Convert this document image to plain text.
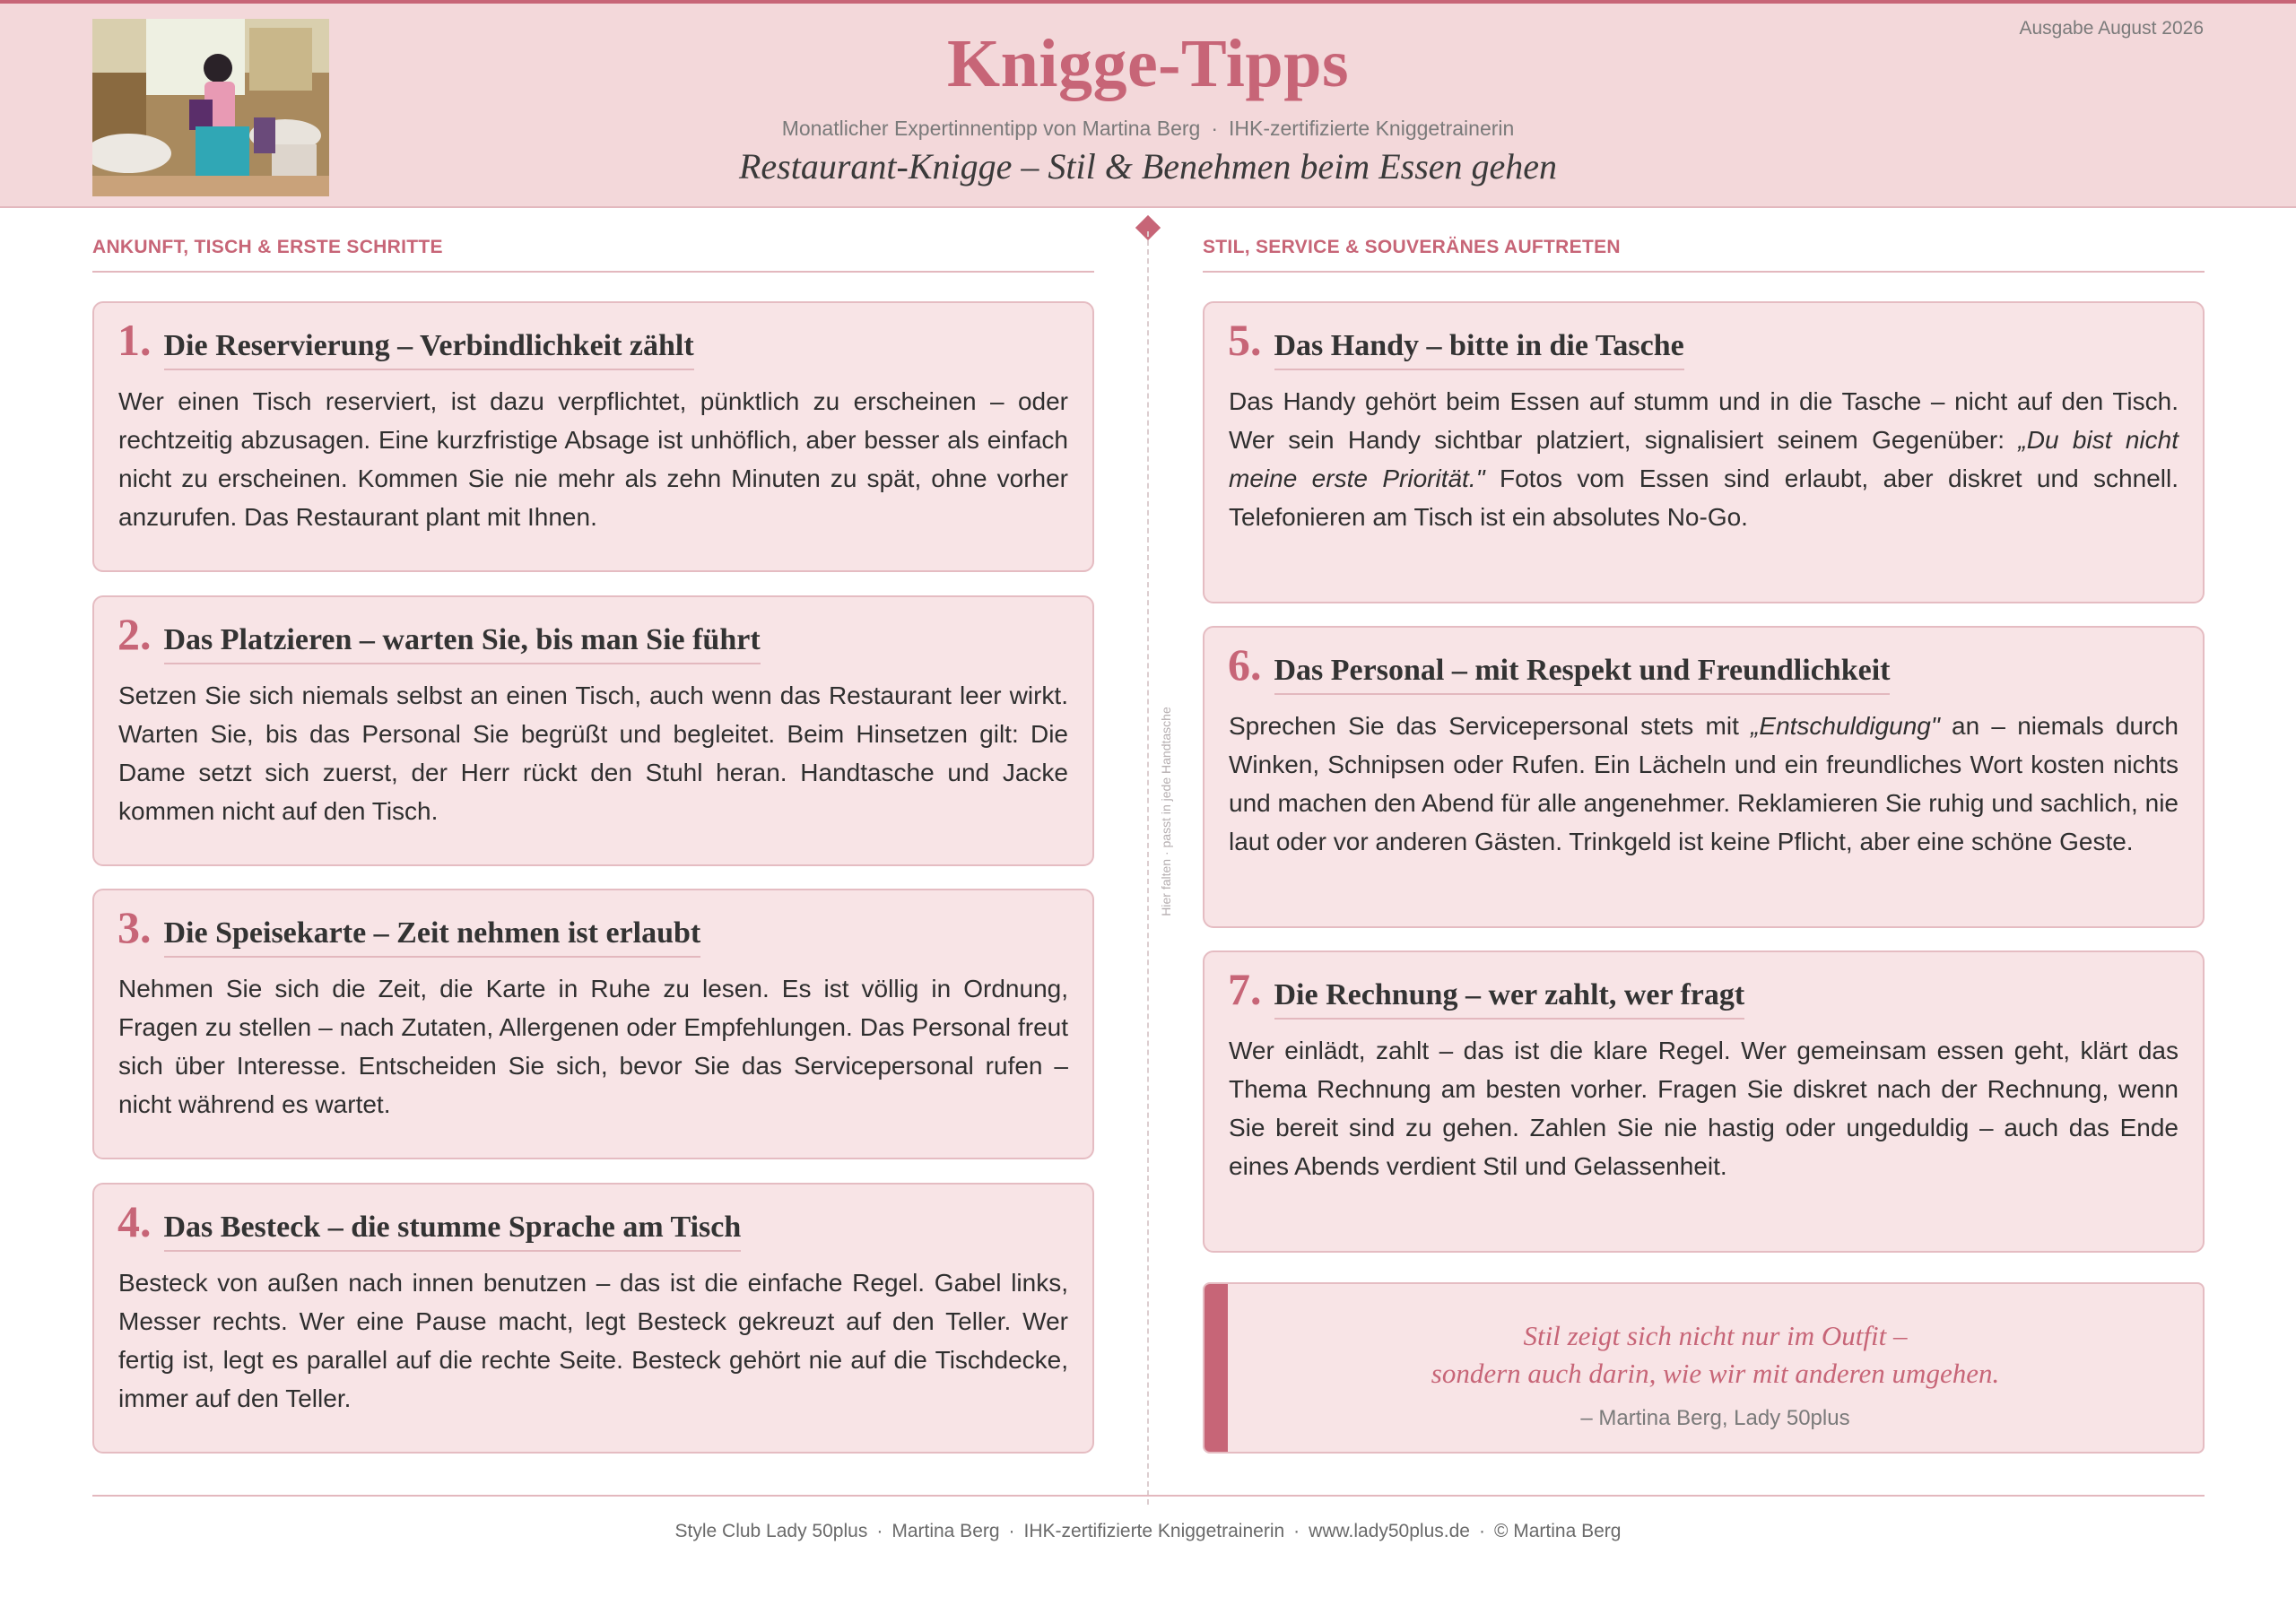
Ausgabe August 2026
Knigge-Tipps
Monatlicher Expertinnentipp von Martina Berg · IHK-zertifizierte Kniggetrainerin
Restaurant-Knigge – Stil & Benehmen beim Essen gehen
Hier falten · passt in jede Handtasche
ANKUNFT, TISCH & ERSTE SCHRITTE	STIL, SERVICE & SOUVERÄNES AUFTRETEN
1. Die Reservierung – Verbindlichkeit zählt
Wer einen Tisch reserviert, ist dazu verpflichtet, pünktlich zu erscheinen – oder rechtzeitig abzusagen. Eine kurzfristige Absage ist unhöflich, aber besser als einfach nicht zu erscheinen. Kommen Sie nie mehr als zehn Minuten zu spät, ohne vorher anzurufen. Das Restaurant plant mit Ihnen.
2. Das Platzieren – warten Sie, bis man Sie führt
Setzen Sie sich niemals selbst an einen Tisch, auch wenn das Restaurant leer wirkt. Warten Sie, bis das Personal Sie begrüßt und begleitet. Beim Hinsetzen gilt: Die Dame setzt sich zuerst, der Herr rückt den Stuhl heran. Handtasche und Jacke kommen nicht auf den Tisch.
3. Die Speisekarte – Zeit nehmen ist erlaubt
Nehmen Sie sich die Zeit, die Karte in Ruhe zu lesen. Es ist völlig in Ordnung, Fragen zu stellen – nach Zutaten, Allergenen oder Empfehlungen. Das Personal freut sich über Interesse. Entscheiden Sie sich, bevor Sie das Servicepersonal rufen – nicht während es wartet.
4. Das Besteck – die stumme Sprache am Tisch
Besteck von außen nach innen benutzen – das ist die einfache Regel. Gabel links, Messer rechts. Wer eine Pause macht, legt Besteck gekreuzt auf den Teller. Wer fertig ist, legt es parallel auf die rechte Seite. Besteck gehört nie auf die Tischdecke, immer auf den Teller.
5. Das Handy – bitte in die Tasche
Das Handy gehört beim Essen auf stumm und in die Tasche – nicht auf den Tisch. Wer sein Handy sichtbar platziert, signalisiert seinem Gegenüber: „Du bist nicht meine erste Priorität." Fotos vom Essen sind erlaubt, aber diskret und schnell. Telefonieren am Tisch ist ein absolutes No-Go.
6. Das Personal – mit Respekt und Freundlichkeit
Sprechen Sie das Servicepersonal stets mit „Entschuldigung" an – niemals durch Winken, Schnipsen oder Rufen. Ein Lächeln und ein freundliches Wort kosten nichts und machen den Abend für alle angenehmer. Reklamieren Sie ruhig und sachlich, nie laut oder vor anderen Gästen. Trinkgeld ist keine Pflicht, aber eine schöne Geste.
7. Die Rechnung – wer zahlt, wer fragt
Wer einlädt, zahlt – das ist die klare Regel. Wer gemeinsam essen geht, klärt das Thema Rechnung am besten vorher. Fragen Sie diskret nach der Rechnung, wenn Sie bereit sind zu gehen. Zahlen Sie nie hastig oder ungeduldig – auch das Ende eines Abends verdient Stil und Gelassenheit.
Stil zeigt sich nicht nur im Outfit –
sondern auch darin, wie wir mit anderen umgehen.
– Martina Berg, Lady 50plus
Style Club Lady 50plus · Martina Berg · IHK-zertifizierte Kniggetrainerin · www.lady50plus.de · © Martina Berg
